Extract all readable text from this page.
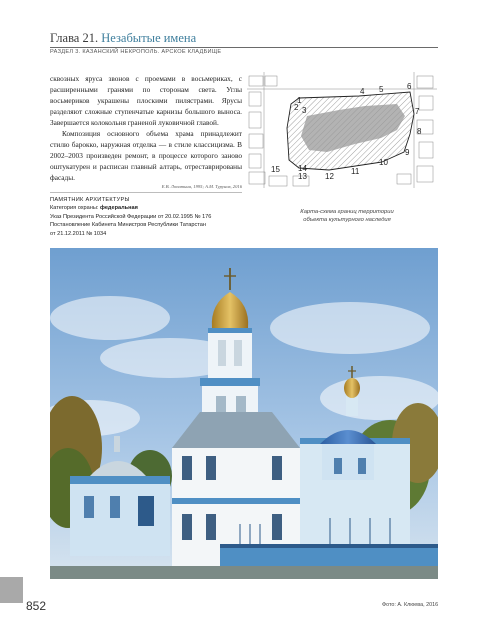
Глава 21. Незабытые имена
РАЗДЕЛ 3. КАЗАНСКИЙ НЕКРОПОЛЬ. АРСКОЕ КЛАДБИЩЕ

сквозных яруса звонов с проемами в восьмериках, с расширенными гранями по сторонам света. Углы восьмериков украшены плоскими пилястрами. Ярусы разделяют сложные ступенчатые карнизы большого выноса. Завершается колокольня граненой луковичной главой.

Композиция основного объема храма принадлежит стилю барокко, наружная отделка — в стиле классицизма. В 2002–2003 произведен ремонт, в процессе которого заново оштукатурен и расписан главный алтарь, отреставрированы фасады.

Е.В. Лопатина, 1995; А.М. Турунов, 2016
ПАМЯТНИК АРХИТЕКТУРЫ
Категория охраны: федеральная
Указ Президента Российской Федерации от 20.02.1995 № 176
Постановление Кабинета Министров Республики Татарстан
от 21.12.2011 № 1034
1
2 3
4 5	6
7
8
9
10
11
12
13
14
15
Карта-схема границ территории
объекта культурного наследия
852	Фото: А. Клюева, 2016
